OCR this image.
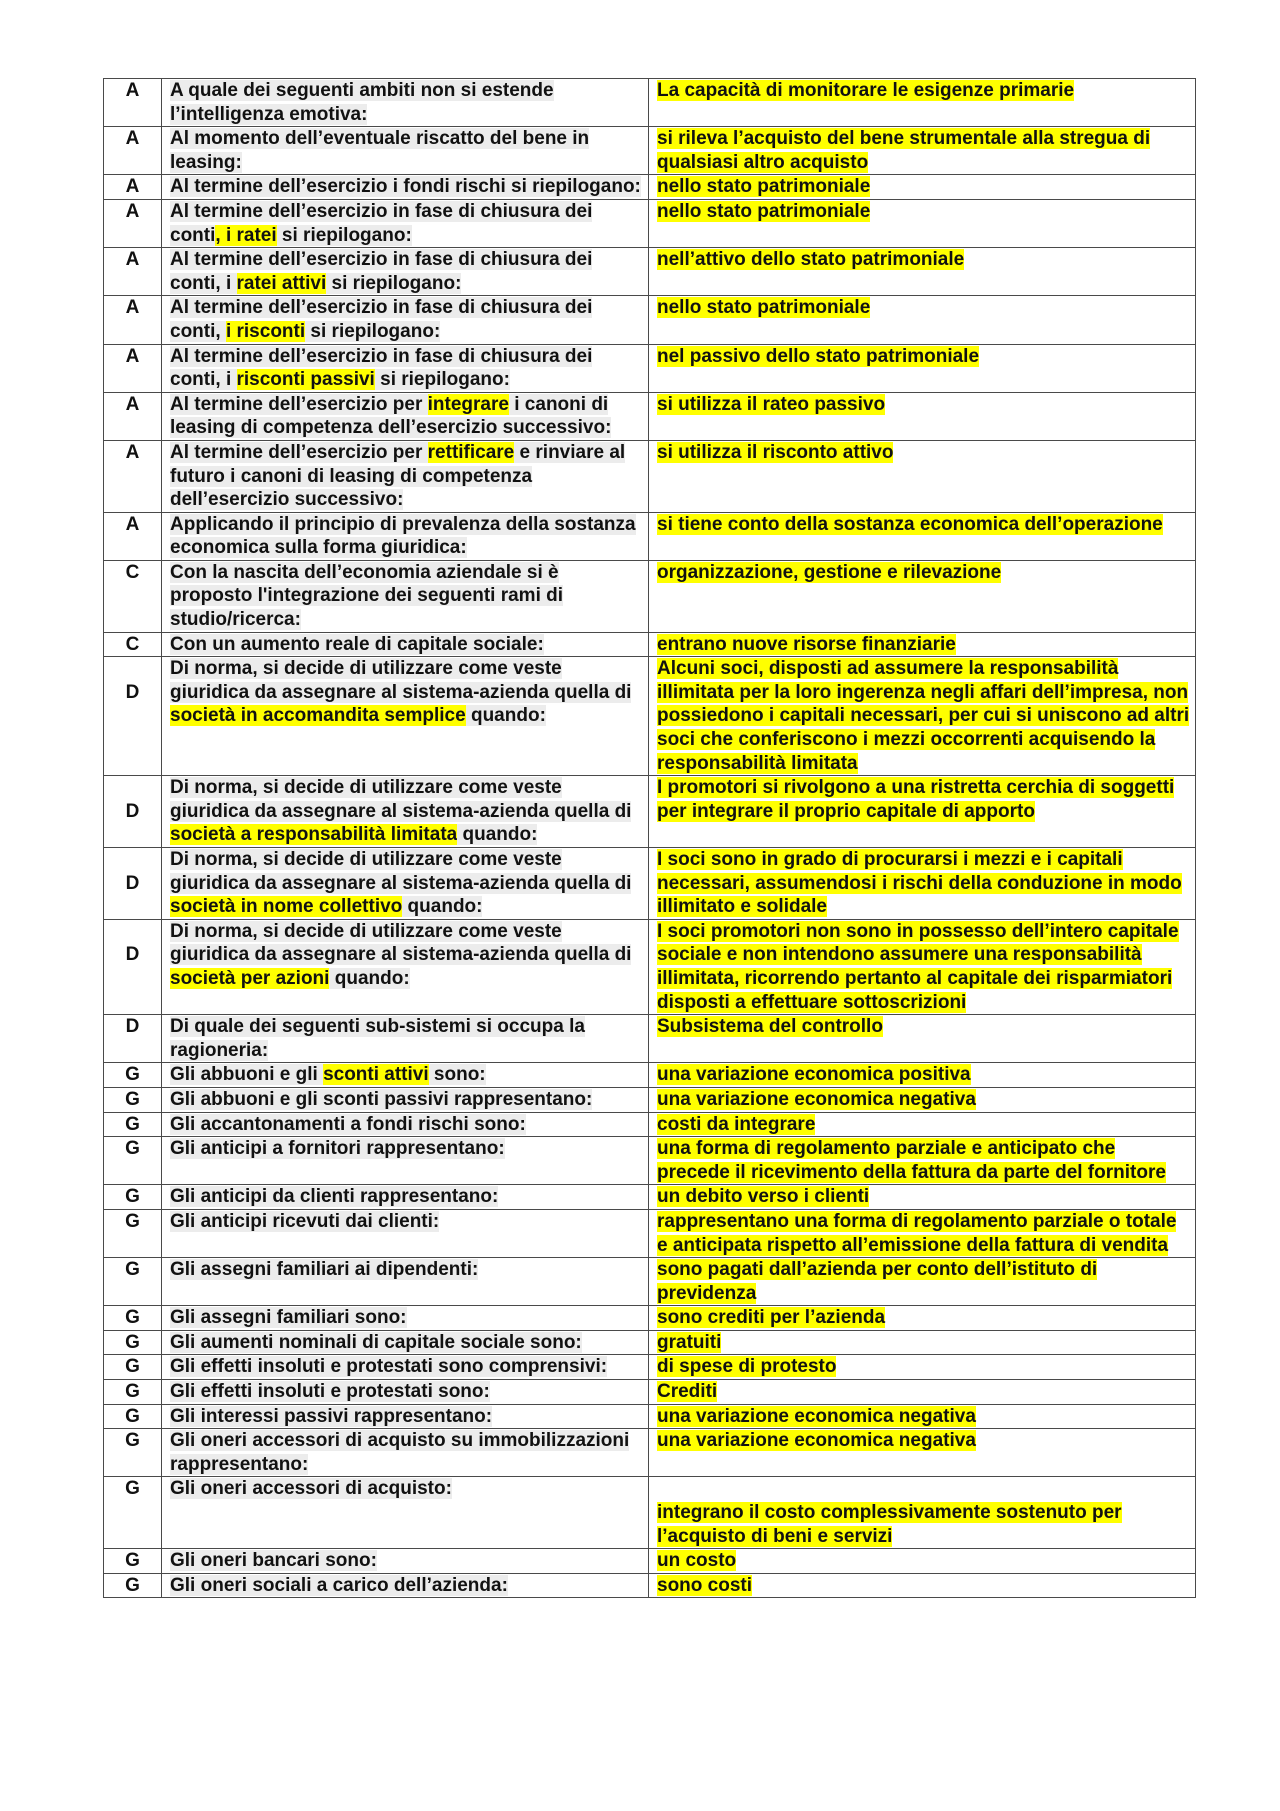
A	A quale dei seguenti ambiti non si estende l’intelligenza emotiva:	La capacità di monitorare le esigenze primarie
A	Al momento dell’eventuale riscatto del bene in leasing:	si rileva l’acquisto del bene strumentale alla stregua di qualsiasi altro acquisto
A	Al termine dell’esercizio i fondi rischi si riepilogano:	nello stato patrimoniale
A	Al termine dell’esercizio in fase di chiusura dei conti, i ratei si riepilogano:	nello stato patrimoniale
A	Al termine dell’esercizio in fase di chiusura dei conti, i ratei attivi si riepilogano:	nell’attivo dello stato patrimoniale
A	Al termine dell’esercizio in fase di chiusura dei conti, i risconti si riepilogano:	nello stato patrimoniale
A	Al termine dell’esercizio in fase di chiusura dei conti, i risconti passivi si riepilogano:	nel passivo dello stato patrimoniale
A	Al termine dell’esercizio per integrare i canoni di leasing di competenza dell’esercizio successivo:	si utilizza il rateo passivo
A	Al termine dell’esercizio per rettificare e rinviare al futuro i canoni di leasing di competenza dell’esercizio successivo:	si utilizza il risconto attivo
A	Applicando il principio di prevalenza della sostanza economica sulla forma giuridica:	si tiene conto della sostanza economica dell’operazione
C	Con la nascita dell’economia aziendale si è proposto l'integrazione dei seguenti rami di studio/ricerca:	organizzazione, gestione e rilevazione
C	Con un aumento reale di capitale sociale:	entrano nuove risorse finanziarie
D	Di norma, si decide di utilizzare come veste giuridica da assegnare al sistema-azienda quella di società in accomandita semplice quando:	Alcuni soci, disposti ad assumere la responsabilità illimitata per la loro ingerenza negli affari dell’impresa, non possiedono i capitali necessari, per cui si uniscono ad altri soci che conferiscono i mezzi occorrenti acquisendo la responsabilità limitata
D	Di norma, si decide di utilizzare come veste giuridica da assegnare al sistema-azienda quella di società a responsabilità limitata quando:	I promotori si rivolgono a una ristretta cerchia di soggetti per integrare il proprio capitale di apporto
D	Di norma, si decide di utilizzare come veste giuridica da assegnare al sistema-azienda quella di società in nome collettivo quando:	I soci sono in grado di procurarsi i mezzi e i capitali necessari, assumendosi i rischi della conduzione in modo illimitato e solidale
D	Di norma, si decide di utilizzare come veste giuridica da assegnare al sistema-azienda quella di società per azioni quando:	I soci promotori non sono in possesso dell’intero capitale sociale e non intendono assumere una responsabilità illimitata, ricorrendo pertanto al capitale dei risparmiatori disposti a effettuare sottoscrizioni
D	Di quale dei seguenti sub-sistemi si occupa la ragioneria:	Subsistema del controllo
G	Gli abbuoni e gli sconti attivi sono:	una variazione economica positiva
G	Gli abbuoni e gli sconti passivi rappresentano:	una variazione economica negativa
G	Gli accantonamenti a fondi rischi sono:	costi da integrare
G	Gli anticipi a fornitori rappresentano:	una forma di regolamento parziale e anticipato che precede il ricevimento della fattura da parte del fornitore
G	Gli anticipi da clienti rappresentano:	un debito verso i clienti
G	Gli anticipi ricevuti dai clienti:	rappresentano una forma di regolamento parziale o totale e anticipata rispetto all’emissione della fattura di vendita
G	Gli assegni familiari ai dipendenti:	sono pagati dall’azienda per conto dell’istituto di previdenza
G	Gli assegni familiari sono:	sono crediti per l’azienda
G	Gli aumenti nominali di capitale sociale sono:	gratuiti
G	Gli effetti insoluti e protestati sono comprensivi:	di spese di protesto
G	Gli effetti insoluti e protestati sono:	Crediti
G	Gli interessi passivi rappresentano:	una variazione economica negativa
G	Gli oneri accessori di acquisto su immobilizzazioni rappresentano:	una variazione economica negativa
G	Gli oneri accessori di acquisto:	integrano il costo complessivamente sostenuto per l’acquisto di beni e servizi
G	Gli oneri bancari sono:	un costo
G	Gli oneri sociali a carico dell’azienda:	sono costi
